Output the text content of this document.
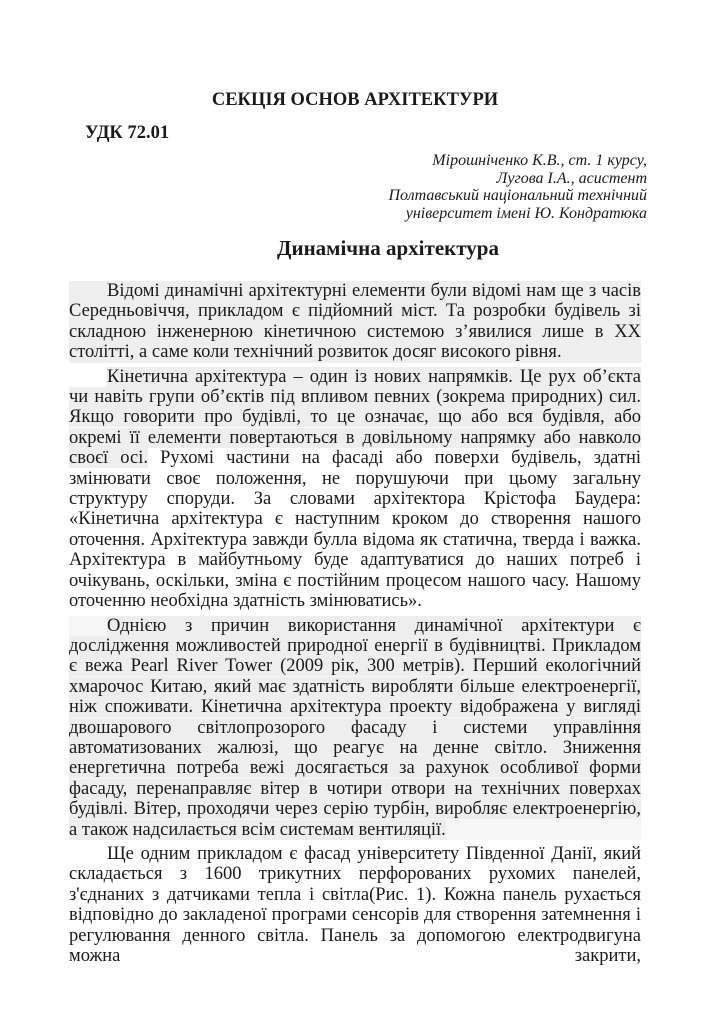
СЕКЦІЯ ОСНОВ АРХІТЕКТУРИ
УДК 72.01
Мірошніченко К.В., ст. 1 курсу,
Лугова І.А., асистент
Полтавський національний технічний
університет імені Ю. Кондратюка
Динамічна архітектура

Відомі динамічні архітектурні елементи були відомі нам ще з часів Середньовіччя, прикладом є підйомний міст. Та розробки будівель зі складною інженерною кінетичною системою з’явилися лише в ХХ столітті, а саме коли технічний розвиток досяг високого рівня.

Кінетична архітектура – один із нових напрямків. Це рух об’єкта чи навіть групи об’єктів під впливом певних (зокрема природних) сил. Якщо говорити про будівлі, то це означає, що або вся будівля, або окремі її елементи повертаються в довільному напрямку або навколо своєї осі. Рухомі частини на фасаді або поверхи будівель, здатні змінювати своє положення, не порушуючи при цьому загальну структуру споруди. За словами архітектора Крістофа Баудера: «Кінетична архітектура є наступним кроком до створення нашого оточення. Архітектура завжди булла відома як статична, тверда і важка. Архітектура в майбутньому буде адаптуватися до наших потреб і очікувань, оскільки, зміна є постійним процесом нашого часу. Нашому оточенню необхідна здатність змінюватись».

Однією з причин використання динамічної архітектури є дослідження можливостей природної енергії в будівництві. Прикладом є вежа Pearl River Tower (2009 рік, 300 метрів). Перший екологічний хмарочос Китаю, який має здатність виробляти більше електроенергії, ніж споживати. Кінетична архітектура проекту відображена у вигляді двошарового світлопрозорого фасаду і системи управління автоматизованих жалюзі, що реагує на денне світло. Зниження енергетична потреба вежі досягається за рахунок особливої форми фасаду, перенаправляє вітер в чотири отвори на технічних поверхах будівлі. Вітер, проходячи через серію турбін, виробляє електроенергію, а також надсилається всім системам вентиляції.

Ще одним прикладом є фасад університету Південної Данії, який складається з 1600 трикутних перфорованих рухомих панелей, з'єднаних з датчиками тепла і світла(Рис. 1). Кожна панель рухається відповідно до закладеної програми сенсорів для створення затемнення і регулювання денного світла. Панель за допомогою електродвигуна можна закрити,
